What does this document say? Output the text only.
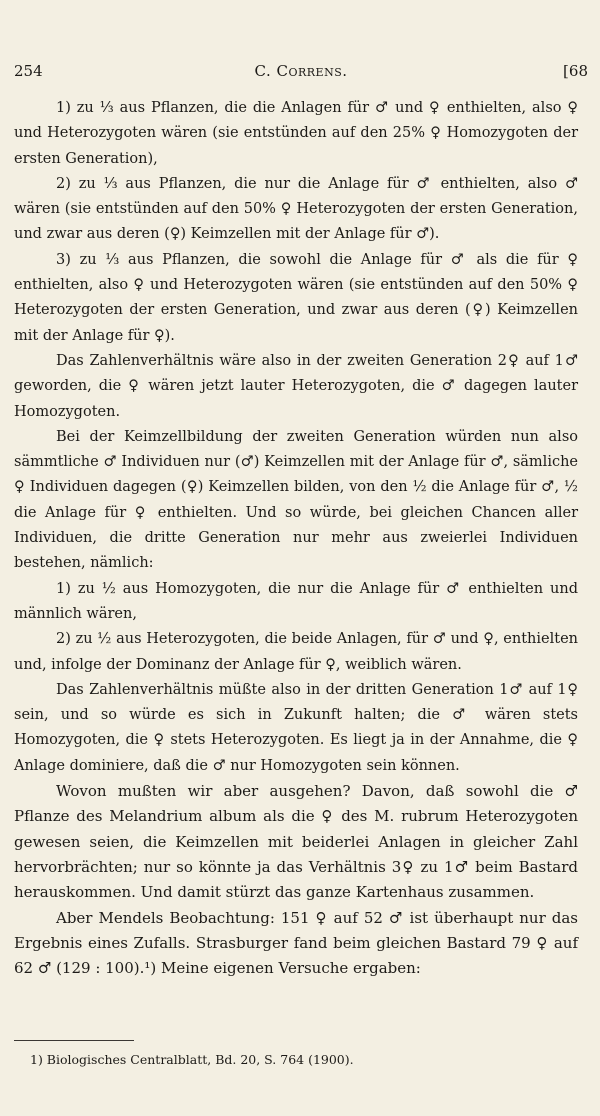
254	C. Correns.	[68

1) zu ⅓ aus Pflanzen, die die Anlagen für ♂ und ♀ enthielten, also ♀ und Heterozygoten wären (sie entstünden auf den 25% ♀ Homozygoten der ersten Generation),

2) zu ⅓ aus Pflanzen, die nur die Anlage für ♂ enthielten, also ♂ wären (sie entstünden auf den 50% ♀ Heterozygoten der ersten Generation, und zwar aus deren (♀) Keimzellen mit der Anlage für ♂).

3) zu ⅓ aus Pflanzen, die sowohl die Anlage für ♂ als die für ♀ enthielten, also ♀ und Heterozygoten wären (sie entstünden auf den 50% ♀ Heterozygoten der ersten Generation, und zwar aus deren (♀) Keimzellen mit der Anlage für ♀).

Das Zahlenverhältnis wäre also in der zweiten Generation 2♀ auf 1♂ geworden, die ♀ wären jetzt lauter Heterozygoten, die ♂ dagegen lauter Homozygoten.

Bei der Keimzellbildung der zweiten Generation würden nun also sämmtliche ♂ Individuen nur (♂) Keimzellen mit der Anlage für ♂, sämliche ♀ Individuen dagegen (♀) Keimzellen bilden, von den ½ die Anlage für ♂, ½ die Anlage für ♀ enthielten. Und so würde, bei gleichen Chancen aller Individuen, die dritte Generation nur mehr aus zweierlei Individuen bestehen, nämlich:

1) zu ½ aus Homozygoten, die nur die Anlage für ♂ enthielten und männlich wären,

2) zu ½ aus Heterozygoten, die beide Anlagen, für ♂ und ♀, enthielten und, infolge der Dominanz der Anlage für ♀, weiblich wären.

Das Zahlenverhältnis müßte also in der dritten Generation 1♂ auf 1♀ sein, und so würde es sich in Zukunft halten; die ♂ wären stets Homozygoten, die ♀ stets Heterozygoten. Es liegt ja in der Annahme, die ♀ Anlage dominiere, daß die ♂ nur Homozygoten sein können.

Wovon mußten wir aber ausgehen? Davon, daß sowohl die ♂ Pflanze des Melandrium album als die ♀ des M. rubrum Heterozygoten gewesen seien, die Keimzellen mit beiderlei Anlagen in gleicher Zahl hervorbrächten; nur so könnte ja das Verhältnis 3♀ zu 1♂ beim Bastard herauskommen. Und damit stürzt das ganze Kartenhaus zusammen.

Aber Mendels Beobachtung: 151 ♀ auf 52 ♂ ist überhaupt nur das Ergebnis eines Zufalls. Strasburger fand beim gleichen Bastard 79 ♀ auf 62 ♂ (129 : 100).¹) Meine eigenen Versuche ergaben:

1) Biologisches Centralblatt, Bd. 20, S. 764 (1900).
